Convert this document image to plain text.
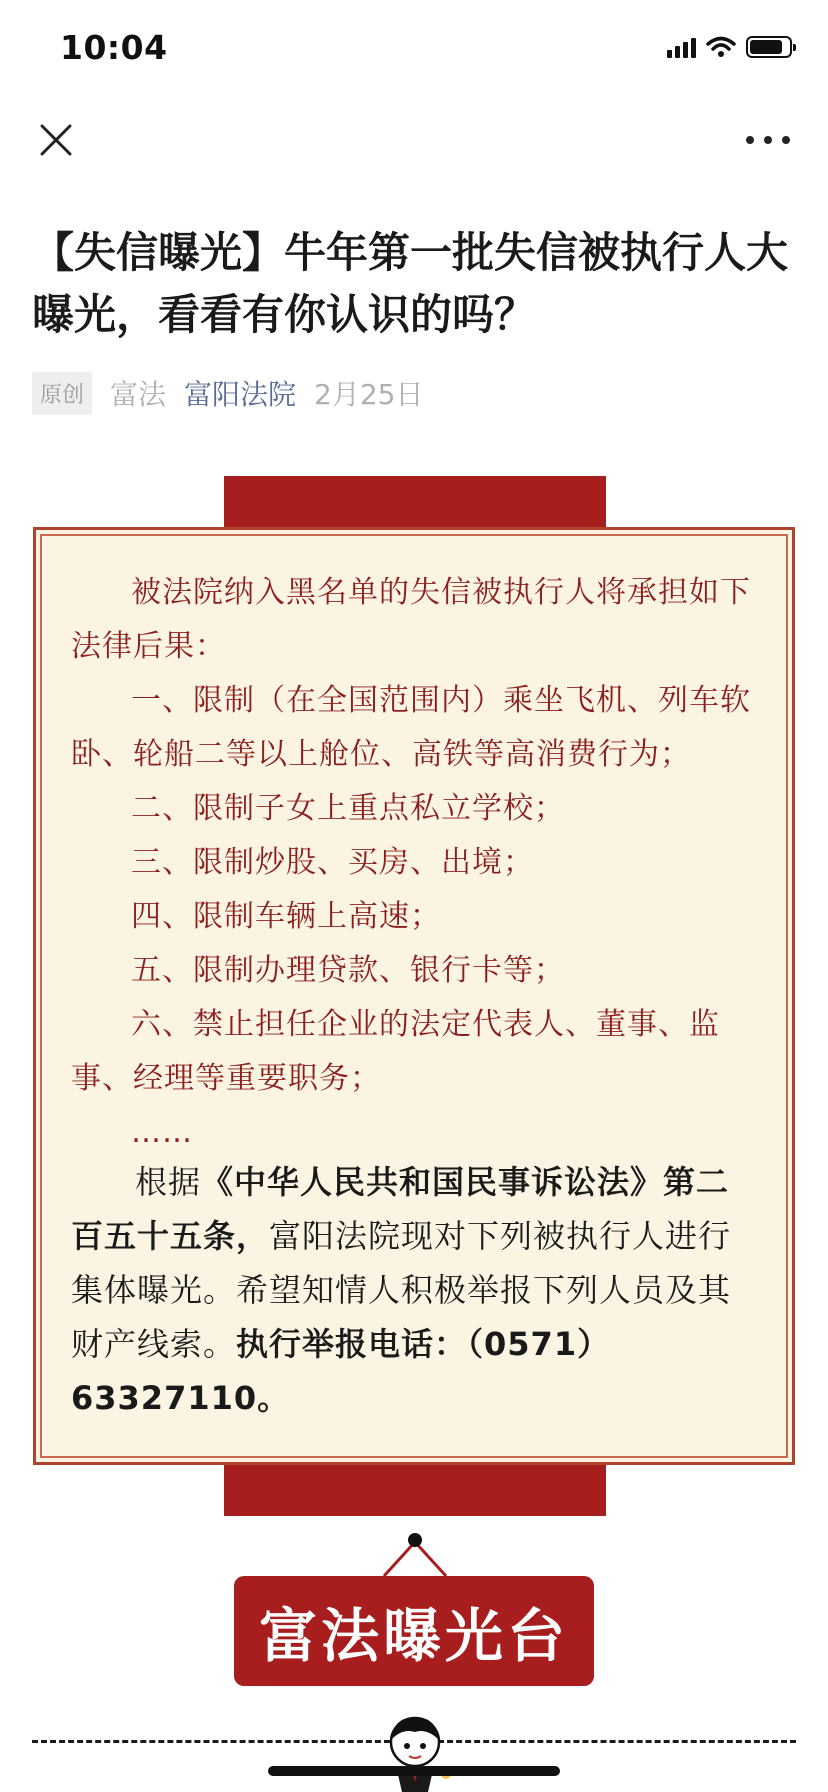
10:04
【失信曝光】牛年第一批失信被执行人大曝光，看看有你认识的吗？
原创 富法 富阳法院 2月25日

被法院纳入黑名单的失信被执行人将承担如下法律后果：

一、限制（在全国范围内）乘坐飞机、列车软卧、轮船二等以上舱位、高铁等高消费行为；

二、限制子女上重点私立学校；

三、限制炒股、买房、出境；

四、限制车辆上高速；

五、限制办理贷款、银行卡等；

六、禁止担任企业的法定代表人、董事、监事、经理等重要职务；

……

根据《中华人民共和国民事诉讼法》第二百五十五条，富阳法院现对下列被执行人进行集体曝光。希望知情人积极举报下列人员及其财产线索。执行举报电话：（0571）63327110。
富法曝光台
